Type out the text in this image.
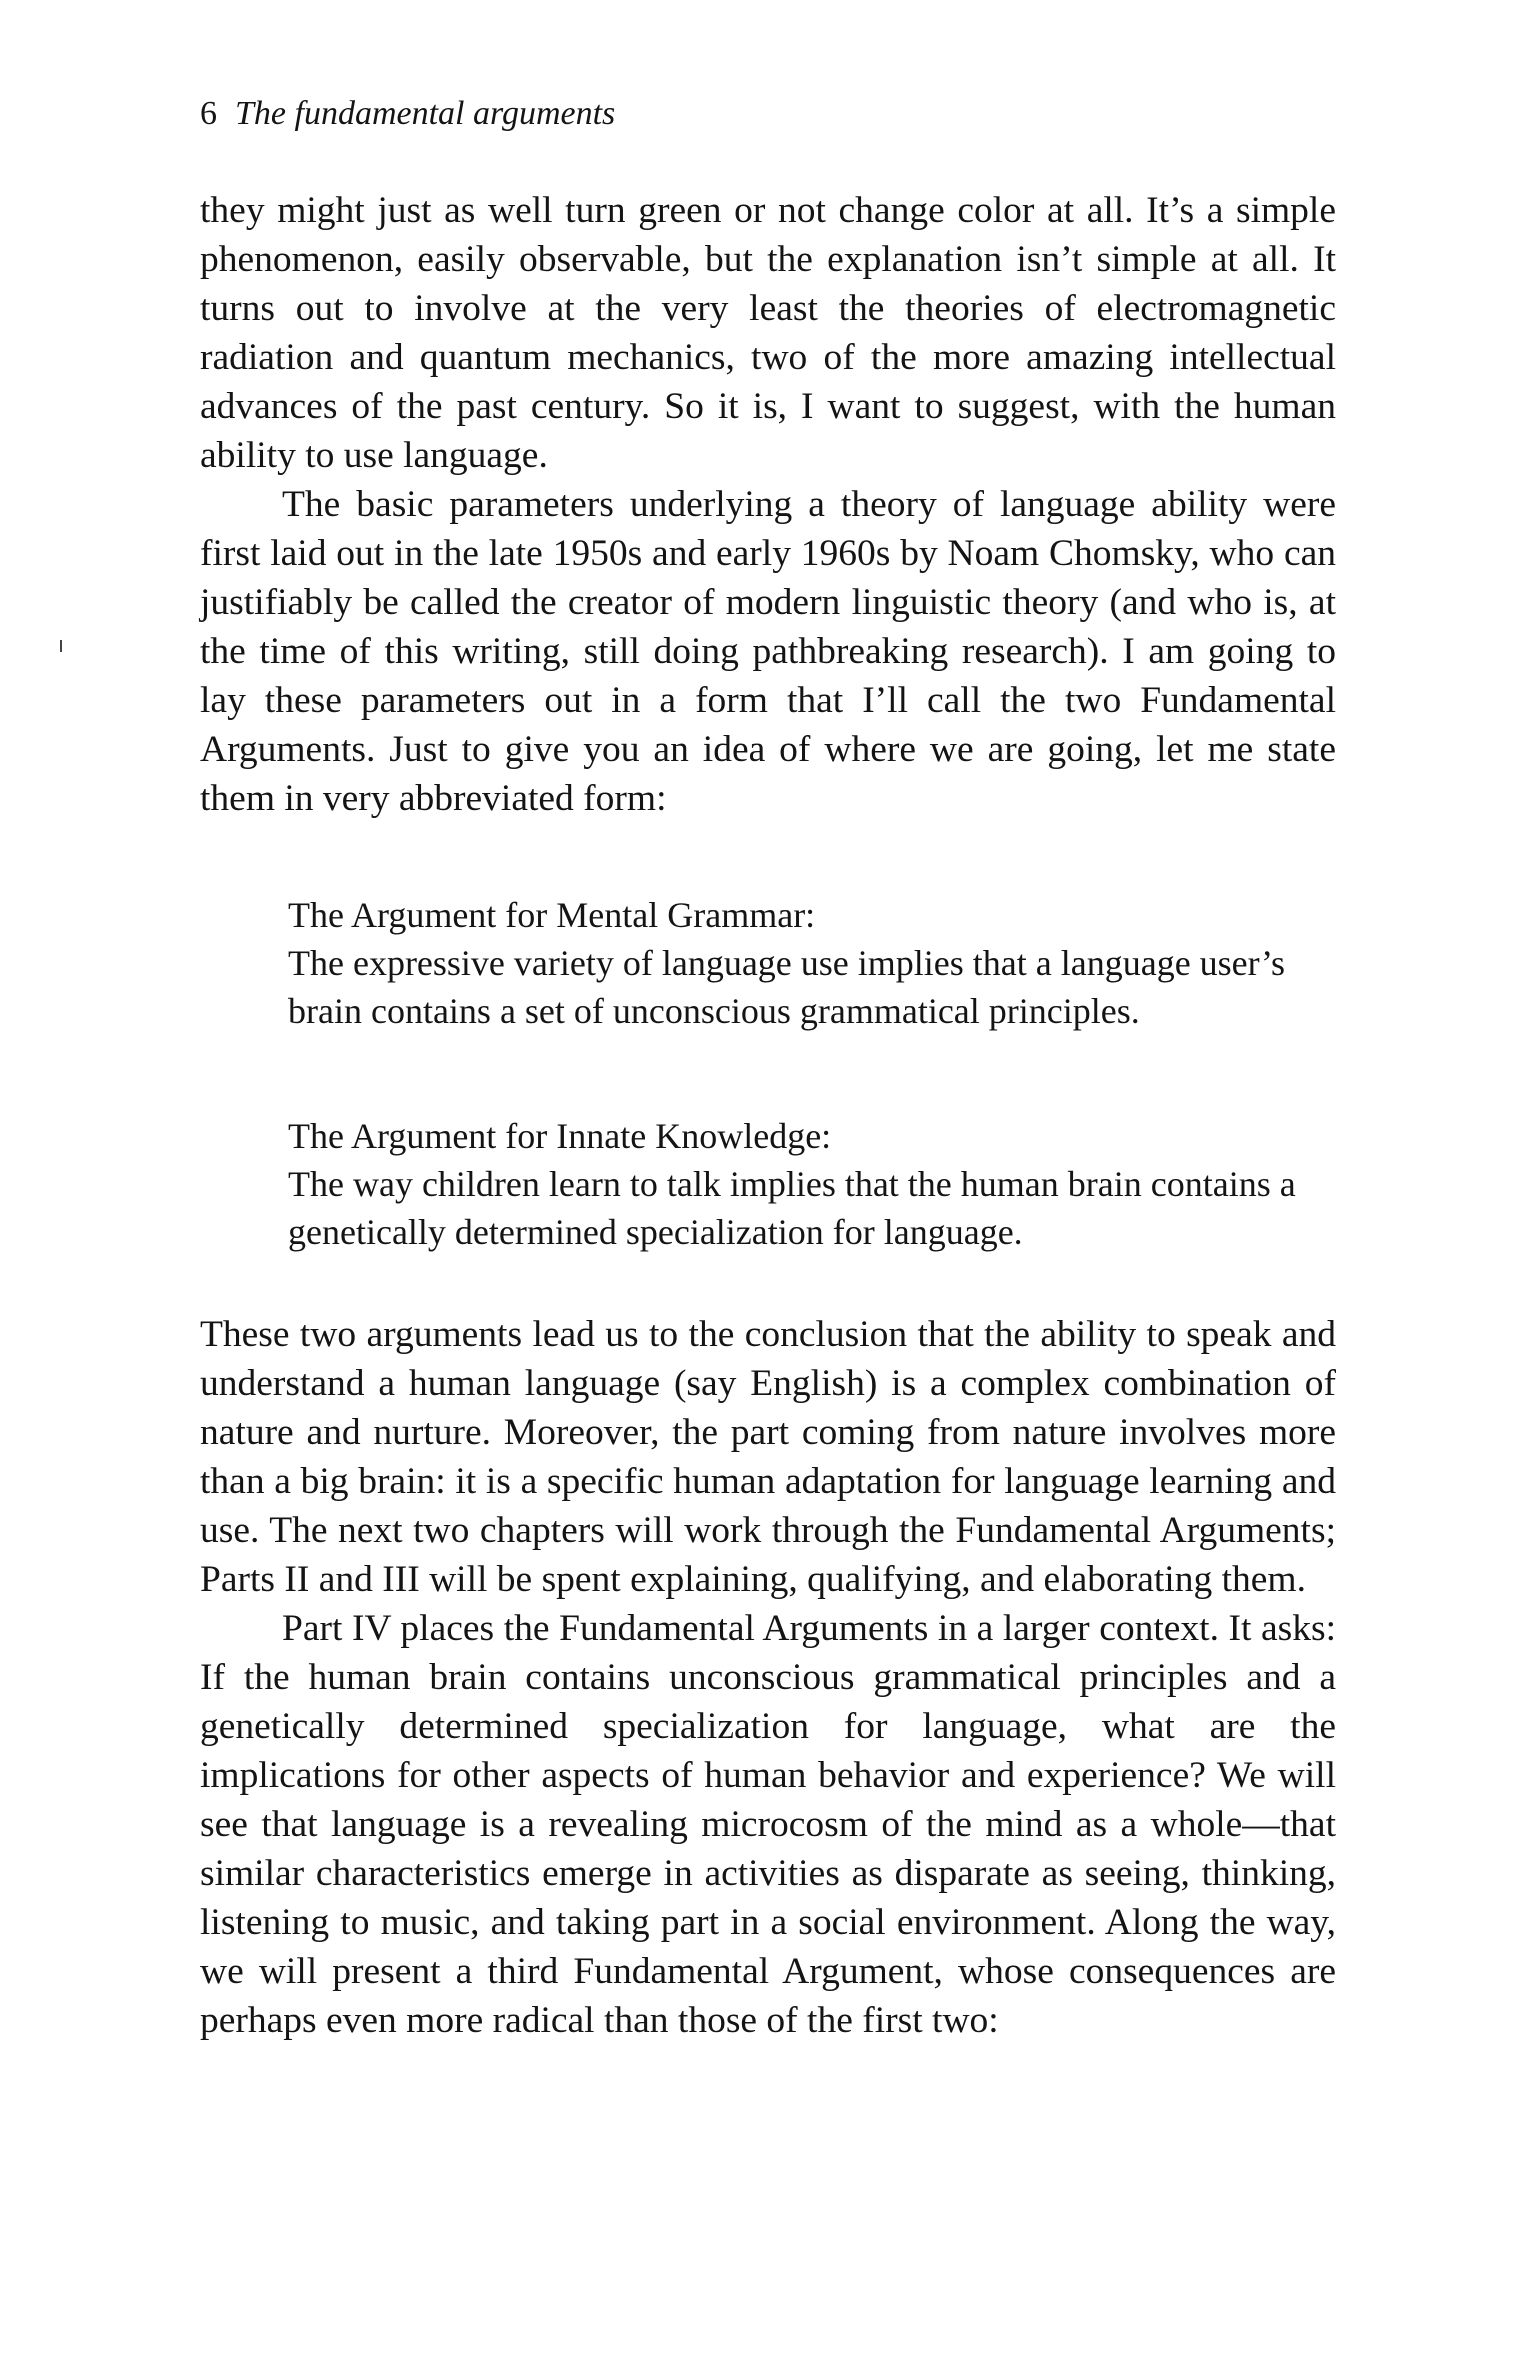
6 The fundamental arguments

they might just as well turn green or not change color at all. It’s a simple phenomenon, easily observable, but the explanation isn’t simple at all. It turns out to involve at the very least the theories of electromagnetic radiation and quantum mechanics, two of the more amazing intellectual advances of the past century. So it is, I want to suggest, with the human ability to use language.

The basic parameters underlying a theory of language ability were first laid out in the late 1950s and early 1960s by Noam Chomsky, who can justifiably be called the creator of modern linguistic theory (and who is, at the time of this writing, still doing pathbreaking research). I am going to lay these parameters out in a form that I’ll call the two Fundamental Arguments. Just to give you an idea of where we are going, let me state them in very abbreviated form:

The Argument for Mental Grammar:
The expressive variety of language use implies that a language user’s brain contains a set of unconscious grammatical principles.
The Argument for Innate Knowledge:
The way children learn to talk implies that the human brain contains a genetically determined specialization for language.

These two arguments lead us to the conclusion that the ability to speak and understand a human language (say English) is a complex combination of nature and nurture. Moreover, the part coming from nature involves more than a big brain: it is a specific human adaptation for language learning and use. The next two chapters will work through the Fundamental Arguments; Parts II and III will be spent explaining, qualifying, and elaborating them.

Part IV places the Fundamental Arguments in a larger context. It asks: If the human brain contains unconscious grammatical principles and a genetically determined specialization for language, what are the implications for other aspects of human behavior and experience? We will see that language is a revealing microcosm of the mind as a whole—that similar characteristics emerge in activities as disparate as seeing, thinking, listening to music, and taking part in a social environment. Along the way, we will present a third Fundamental Argument, whose consequences are perhaps even more radical than those of the first two:
